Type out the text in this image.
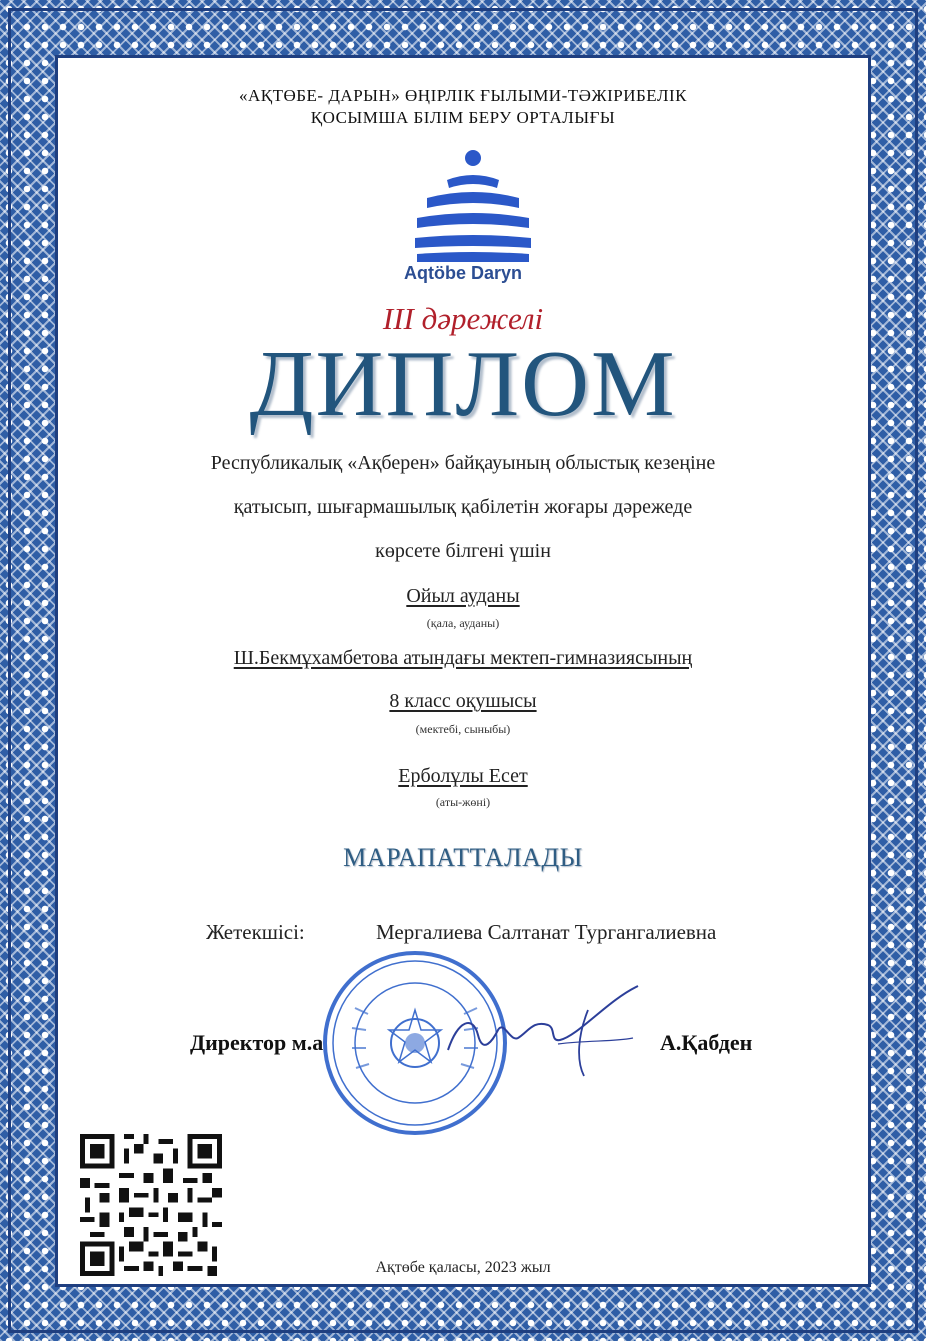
«АҚТӨБЕ- ДАРЫН» ӨҢІРЛІК ҒЫЛЫМИ-ТӘЖІРИБЕЛІК
ҚОСЫМША БІЛІМ БЕРУ ОРТАЛЫҒЫ
Aqtöbe Daryn
III дәрежелі
ДИПЛОМ
Республикалық «Ақберен» байқауының облыстық кезеңіне
қатысып, шығармашылық қабілетін жоғары дәрежеде
көрсете білгені үшін
Ойыл ауданы
(қала, ауданы)
Ш.Бекмұхамбетова атындағы мектеп-гимназиясының
8 класс оқушысы
(мектебі, сыныбы)
Ерболұлы Есет
(аты-жөні)
МАРАПАТТАЛАДЫ
Жетекшісі:	Мергалиева Салтанат Тургангалиевна
Директор м.а	А.Қабден
Ақтөбе қаласы, 2023 жыл
